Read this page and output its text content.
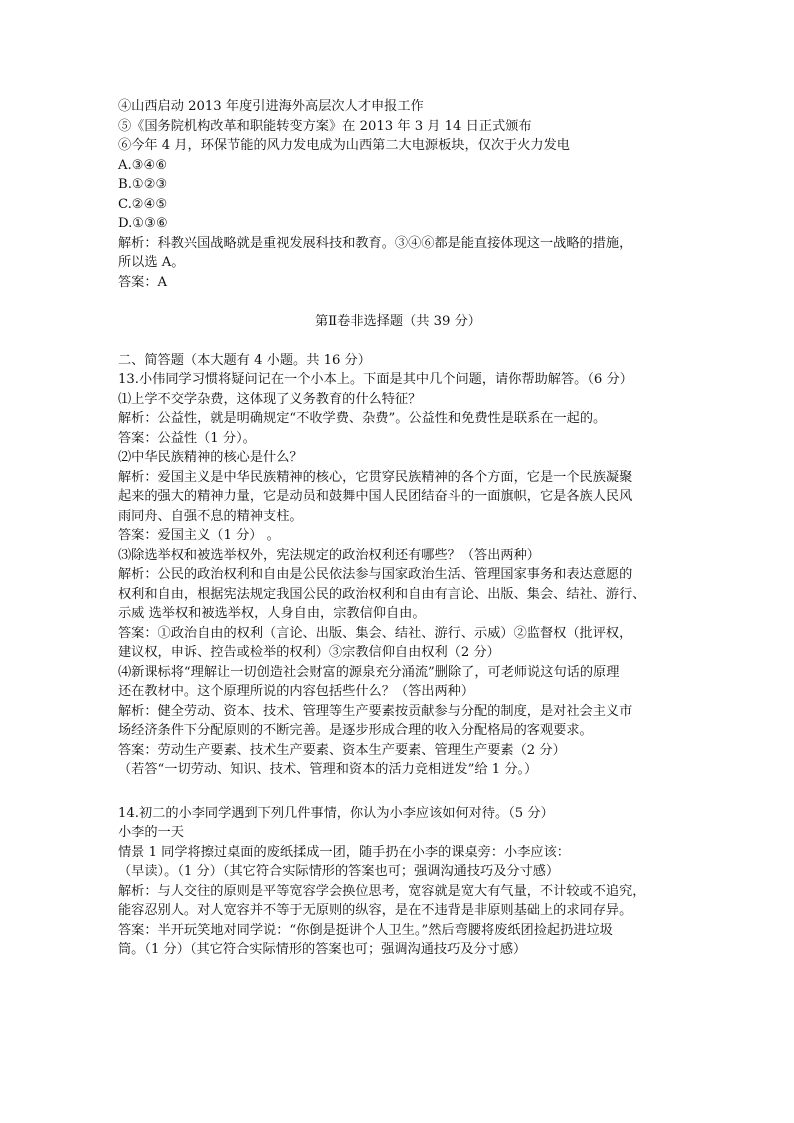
④山西启动 2013 年度引进海外高层次人才申报工作
⑤《国务院机构改革和职能转变方案》在 2013 年 3 月 14 日正式颁布
⑥今年 4 月，环保节能的风力发电成为山西第二大电源板块，仅次于火力发电
A.③④⑥
B.①②③
C.②④⑤
D.①③⑥
解析：科教兴国战略就是重视发展科技和教育。③④⑥都是能直接体现这一战略的措施，
所以选 A。
答案：A
第Ⅱ卷非选择题（共 39 分）
二、简答题（本大题有 4 小题。共 16 分）
13.小伟同学习惯将疑问记在一个小本上。下面是其中几个问题，请你帮助解答。（6 分）
⑴上学不交学杂费，这体现了义务教育的什么特征？
解析：公益性，就是明确规定“不收学费、杂费”。公益性和免费性是联系在一起的。
答案：公益性（1 分）。
⑵中华民族精神的核心是什么？
解析：爱国主义是中华民族精神的核心，它贯穿民族精神的各个方面，它是一个民族凝聚
起来的强大的精神力量，它是动员和鼓舞中国人民团结奋斗的一面旗帜，它是各族人民风
雨同舟、自强不息的精神支柱。
答案：爱国主义（1 分） 。
⑶除选举权和被选举权外，宪法规定的政治权利还有哪些？（答出两种）
解析：公民的政治权利和自由是公民依法参与国家政治生活、管理国家事务和表达意愿的
权利和自由，根据宪法规定我国公民的政治权利和自由有言论、出版、集会、结社、游行、
示威 选举权和被选举权，人身自由，宗教信仰自由。
答案：①政治自由的权利（言论、出版、集会、结社、游行、示威）②监督权（批评权，
建议权，申诉、控告或检举的权利）③宗教信仰自由权利（2 分）
⑷新课标将“理解让一切创造社会财富的源泉充分涌流”删除了，可老师说这句话的原理
还在教材中。这个原理所说的内容包括些什么？（答出两种）
解析：健全劳动、资本、技术、管理等生产要素按贡献参与分配的制度，是对社会主义市
场经济条件下分配原则的不断完善。是逐步形成合理的收入分配格局的客观要求。
答案：劳动生产要素、技术生产要素、资本生产要素、管理生产要素（2 分）
（若答“一切劳动、知识、技术、管理和资本的活力竞相迸发”给 1 分。）
14.初二的小李同学遇到下列几件事情，你认为小李应该如何对待。（5 分）
小李的一天
情景 1 同学将擦过桌面的废纸揉成一团，随手扔在小李的课桌旁：小李应该：
（早读）。（1 分）（其它符合实际情形的答案也可；强调沟通技巧及分寸感）
解析：与人交往的原则是平等宽容学会换位思考，宽容就是宽大有气量，不计较或不追究，
能容忍别人。对人宽容并不等于无原则的纵容，是在不违背是非原则基础上的求同存异。
答案：半开玩笑地对同学说：“你倒是挺讲个人卫生。”然后弯腰将废纸团捡起扔进垃圾
筒。（1 分）（其它符合实际情形的答案也可；强调沟通技巧及分寸感）
